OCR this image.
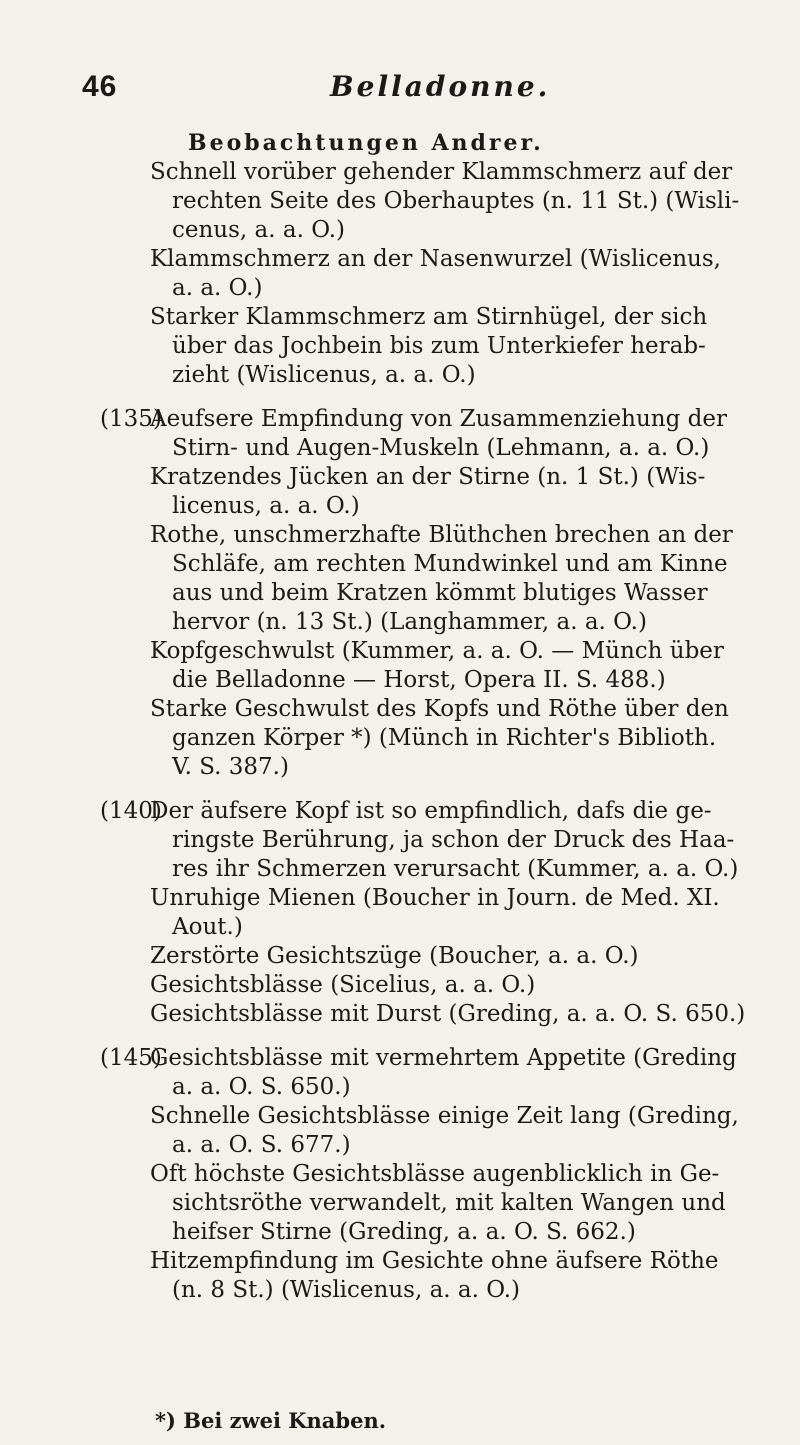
46	Belladonne.
Beobachtungen Andrer.
Schnell vorüber gehender Klammschmerz auf der
rechten Seite des Oberhauptes (n. 11 St.) (Wisli-
cenus, a. a. O.)
Klammschmerz an der Nasenwurzel (Wislicenus,
a. a. O.)
Starker Klammschmerz am Stirnhügel, der sich
über das Jochbein bis zum Unterkiefer herab-
zieht (Wislicenus, a. a. O.)
(135)
Aeufsere Empfindung von Zusammenziehung der
Stirn- und Augen-Muskeln (Lehmann, a. a. O.)
Kratzendes Jücken an der Stirne (n. 1 St.) (Wis-
licenus, a. a. O.)
Rothe, unschmerzhafte Blüthchen brechen an der
Schläfe, am rechten Mundwinkel und am Kinne
aus und beim Kratzen kömmt blutiges Wasser
hervor (n. 13 St.) (Langhammer, a. a. O.)
Kopfgeschwulst (Kummer, a. a. O. — Münch über
die Belladonne — Horst, Opera II. S. 488.)
Starke Geschwulst des Kopfs und Röthe über den
ganzen Körper *) (Münch in Richter's Biblioth.
V. S. 387.)
(140)
Der äufsere Kopf ist so empfindlich, dafs die ge-
ringste Berührung, ja schon der Druck des Haa-
res ihr Schmerzen verursacht (Kummer, a. a. O.)
Unruhige Mienen (Boucher in Journ. de Med. XI.
Aout.)
Zerstörte Gesichtszüge (Boucher, a. a. O.)
Gesichtsblässe (Sicelius, a. a. O.)
Gesichtsblässe mit Durst (Greding, a. a. O. S. 650.)
(145)
Gesichtsblässe mit vermehrtem Appetite (Greding
a. a. O. S. 650.)
Schnelle Gesichtsblässe einige Zeit lang (Greding,
a. a. O. S. 677.)
Oft höchste Gesichtsblässe augenblicklich in Ge-
sichtsröthe verwandelt, mit kalten Wangen und
heifser Stirne (Greding, a. a. O. S. 662.)
Hitzempfindung im Gesichte ohne äufsere Röthe
(n. 8 St.) (Wislicenus, a. a. O.)
*) Bei zwei Knaben.
